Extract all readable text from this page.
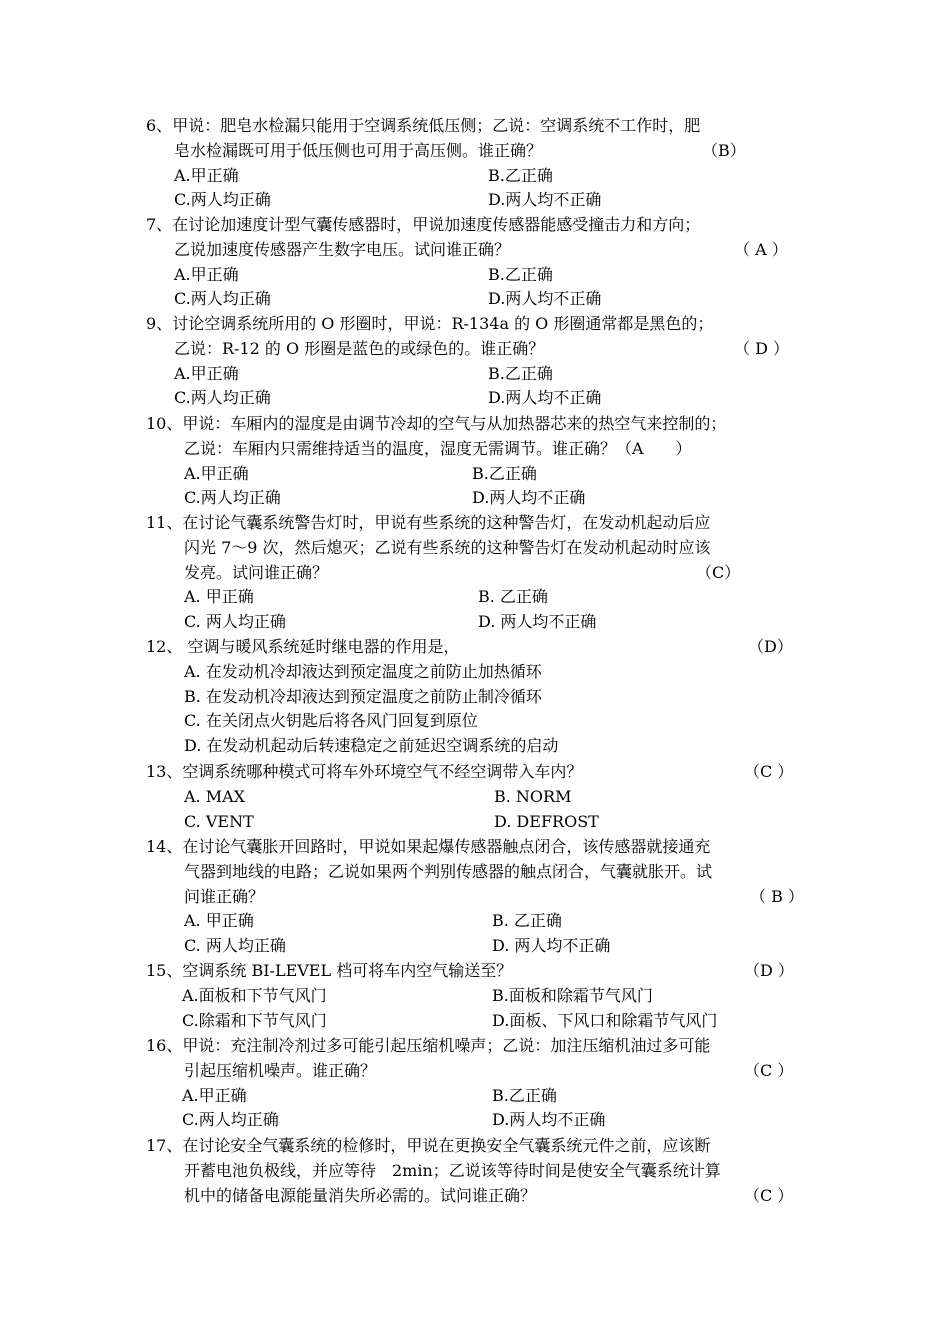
6、甲说：肥皂水检漏只能用于空调系统低压侧；乙说：空调系统不工作时，肥
皂水检漏既可用于低压侧也可用于高压侧。谁正确？	（B）
A.甲正确	B.乙正确
C.两人均正确	D.两人均不正确
7、在讨论加速度计型气囊传感器时，甲说加速度传感器能感受撞击力和方向；
乙说加速度传感器产生数字电压。试问谁正确？	（ A ）
A.甲正确	B.乙正确
C.两人均正确	D.两人均不正确
9、讨论空调系统所用的 O 形圈时，甲说：R-134a 的 O 形圈通常都是黑色的；
乙说：R-12 的 O 形圈是蓝色的或绿色的。谁正确？	（ D ）
A.甲正确	B.乙正确
C.两人均正确	D.两人均不正确
10、甲说：车厢内的湿度是由调节冷却的空气与从加热器芯来的热空气来控制的；
乙说：车厢内只需维持适当的温度，湿度无需调节。谁正确？（A　　）
A.甲正确	B.乙正确
C.两人均正确	D.两人均不正确
11、在讨论气囊系统警告灯时，甲说有些系统的这种警告灯，在发动机起动后应
闪光 7～9 次，然后熄灭；乙说有些系统的这种警告灯在发动机起动时应该
发亮。试问谁正确？	（C）
A. 甲正确	B. 乙正确
C. 两人均正确	D. 两人均不正确
12、 空调与暖风系统延时继电器的作用是，	（D）
A. 在发动机冷却液达到预定温度之前防止加热循环
B. 在发动机冷却液达到预定温度之前防止制冷循环
C. 在关闭点火钥匙后将各风门回复到原位
D. 在发动机起动后转速稳定之前延迟空调系统的启动
13、空调系统哪种模式可将车外环境空气不经空调带入车内？	（C ）
A. MAX	B. NORM
C. VENT	D. DEFROST
14、在讨论气囊胀开回路时，甲说如果起爆传感器触点闭合，该传感器就接通充
气器到地线的电路；乙说如果两个判别传感器的触点闭合，气囊就胀开。试
问谁正确？	（ B ）
A. 甲正确	B. 乙正确
C. 两人均正确	D. 两人均不正确
15、空调系统 BI-LEVEL 档可将车内空气输送至？	（D ）
A.面板和下节气风门	B.面板和除霜节气风门
C.除霜和下节气风门	D.面板、下风口和除霜节气风门
16、甲说：充注制冷剂过多可能引起压缩机噪声；乙说：加注压缩机油过多可能
引起压缩机噪声。谁正确？	（C ）
A.甲正确	B.乙正确
C.两人均正确	D.两人均不正确
17、在讨论安全气囊系统的检修时，甲说在更换安全气囊系统元件之前，应该断
开蓄电池负极线，并应等待　2min；乙说该等待时间是使安全气囊系统计算
机中的储备电源能量消失所必需的。试问谁正确？	（C ）
